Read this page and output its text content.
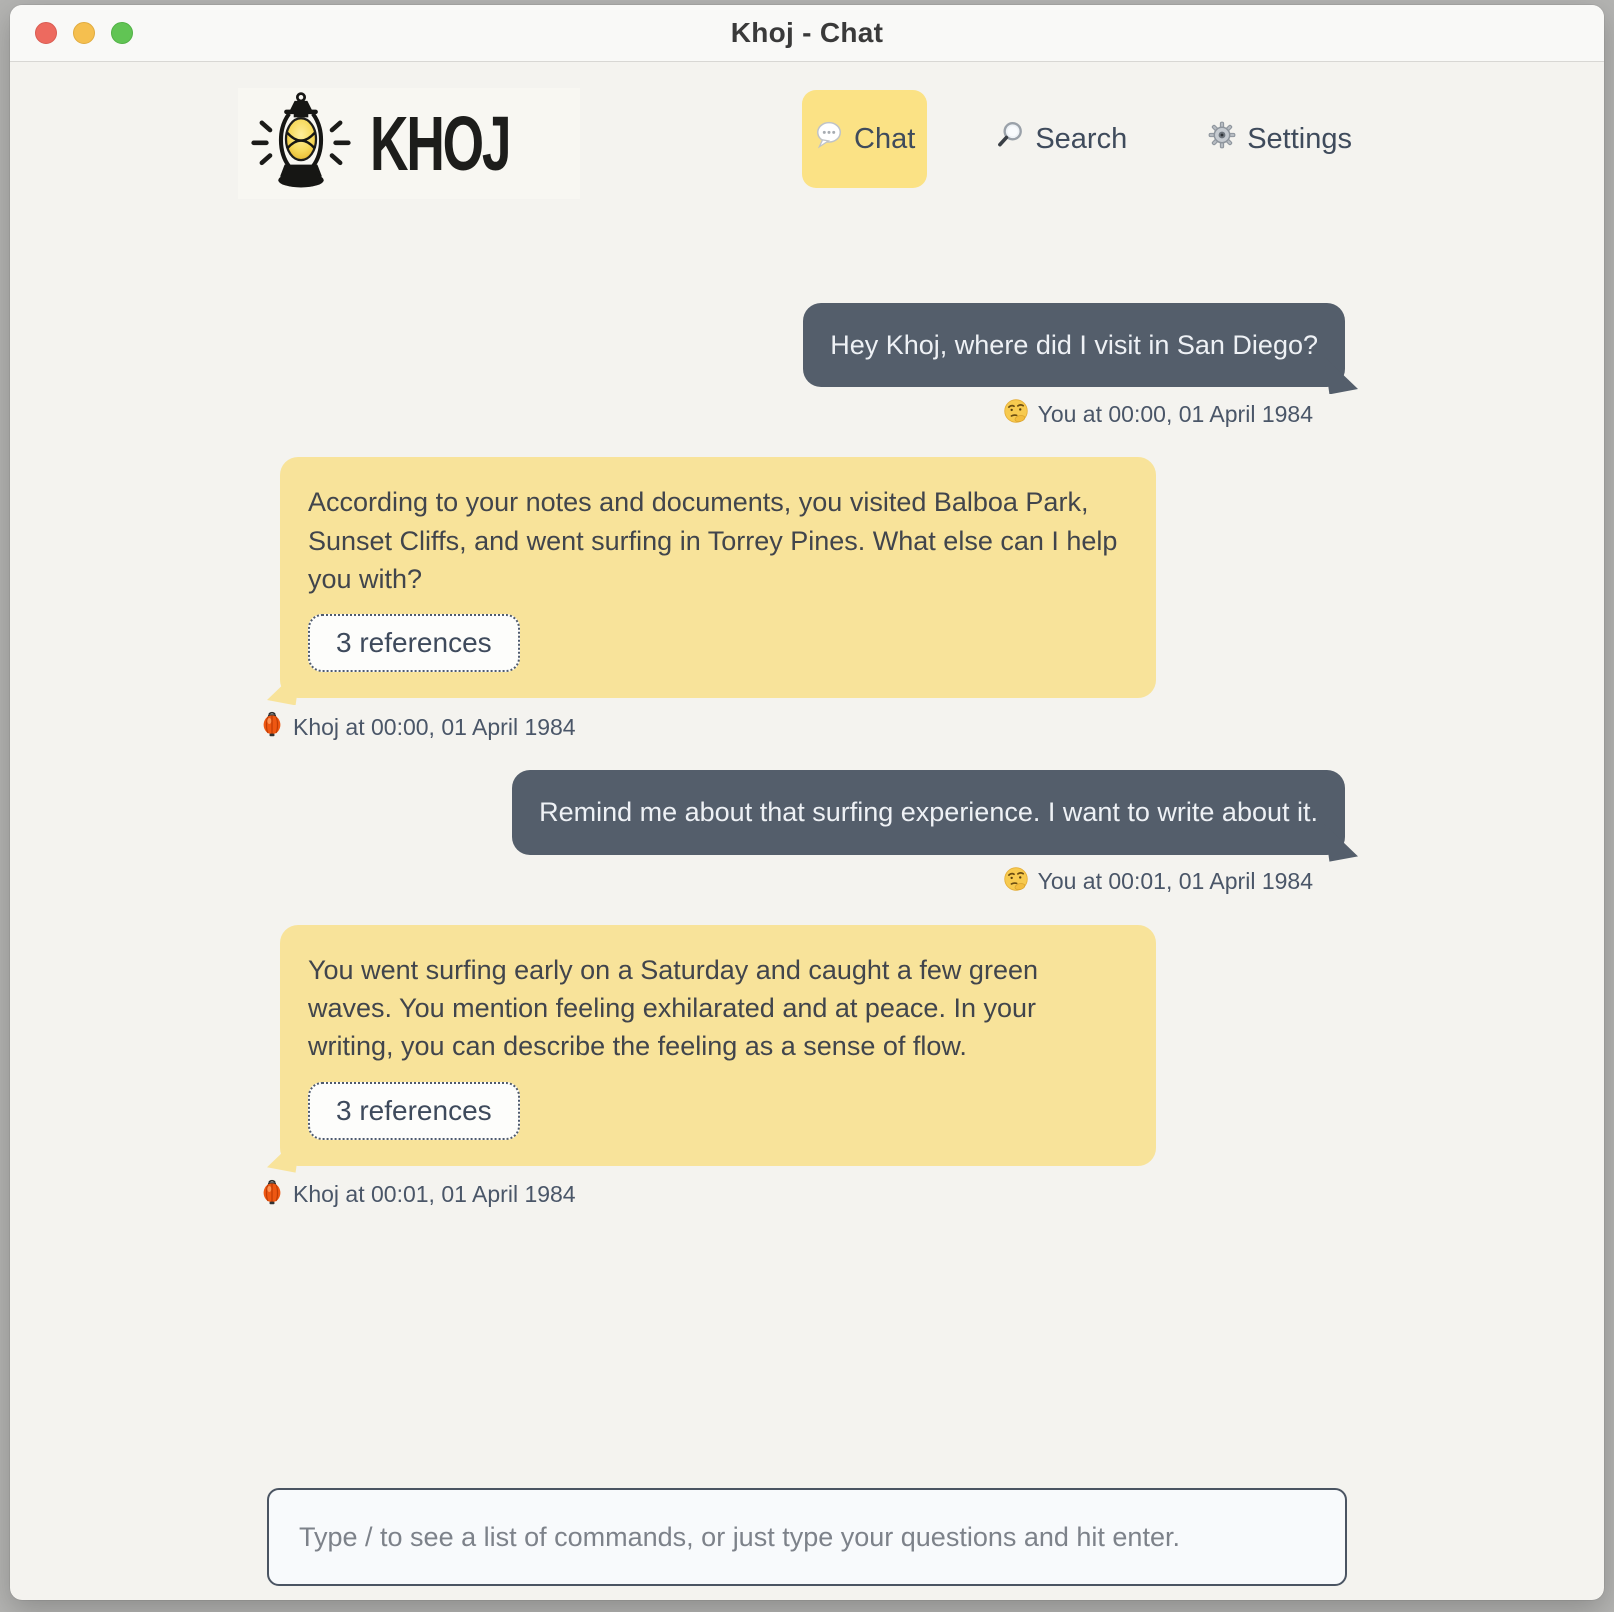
Khoj - Chat
KHOJ	Chat	Search	Settings
Hey Khoj, where did I visit in San Diego?
You at 00:00, 01 April 1984
According to your notes and documents, you visited Balboa Park, Sunset Cliffs, and went surfing in Torrey Pines. What else can I help you with?
3 references
Khoj at 00:00, 01 April 1984
Remind me about that surfing experience. I want to write about it.
You at 00:01, 01 April 1984
You went surfing early on a Saturday and caught a few green waves. You mention feeling exhilarated and at peace. In your writing, you can describe the feeling as a sense of flow.
3 references
Khoj at 00:01, 01 April 1984
Type / to see a list of commands, or just type your questions and hit enter.
